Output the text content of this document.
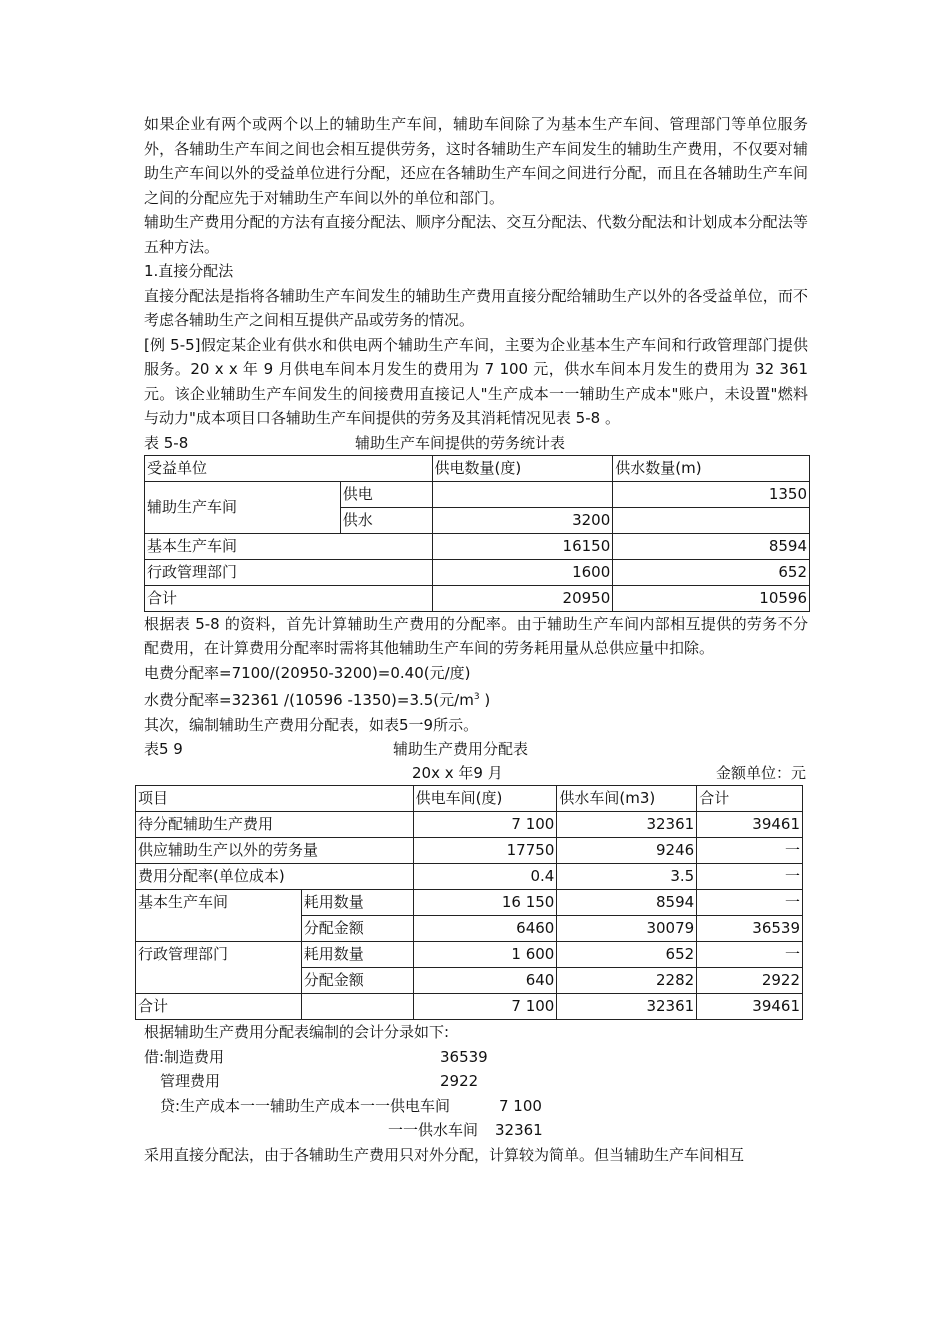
如果企业有两个或两个以上的辅助生产车间，辅助车间除了为基本生产车间、管理部门等单位服务外，各辅助生产车间之间也会相互提供劳务，这时各辅助生产车间发生的辅助生产费用，不仅要对辅助生产车间以外的受益单位进行分配，还应在各辅助生产车间之间进行分配，而且在各辅助生产车间之间的分配应先于对辅助生产车间以外的单位和部门。

辅助生产费用分配的方法有直接分配法、顺序分配法、交互分配法、代数分配法和计划成本分配法等五种方法。

1.直接分配法

直接分配法是指将各辅助生产车间发生的辅助生产费用直接分配给辅助生产以外的各受益单位，而不考虑各辅助生产之间相互提供产品或劳务的情况。

[例 5-5]假定某企业有供水和供电两个辅助生产车间，主要为企业基本生产车间和行政管理部门提供服务。20 x x 年 9 月供电车间本月发生的费用为 7 100 元，供水车间本月发生的费用为 32 361 元。该企业辅助生产车间发生的间接费用直接记人"生产成本一一辅助生产成本"账户，未设置"燃料与动力"成本项目口各辅助生产车间提供的劳务及其消耗情况见表 5-8 。

表 5-8	辅助生产车间提供的劳务统计表
受益单位		供电数量(度)	供水数量(m)
辅助生产车间	供电		1350
	供水	3200	
基本生产车间		16150	8594
行政管理部门		1600	652
合计		20950	10596

根据表 5-8 的资料，首先计算辅助生产费用的分配率。由于辅助生产车间内部相互提供的劳务不分配费用，在计算费用分配率时需将其他辅助生产车间的劳务耗用量从总供应量中扣除。

电费分配率=7100/(20950-3200)=0.40(元/度)

水费分配率=32361 /(10596 -1350)=3.5(元$/m^3$ )

其次，编制辅助生产费用分配表，如表5一9所示。

表5 9	辅助生产费用分配表
20x x 年9 月	金额单位：元
项目		供电车间(度)	供水车间(m3)	合计
待分配辅助生产费用		7 100	32361	39461
供应辅助生产以外的劳务量		17750	9246	一
费用分配率(单位成本)		0.4	3.5	一
基本生产车间	耗用数量	16 150	8594	一
	分配金额	6460	30079	36539
行政管理部门	耗用数量	1 600	652	一
	分配金额	640	2282	2922
合计		7 100	32361	39461

根据辅助生产费用分配表编制的会计分录如下:

借:制造费用	36539
管理费用	2922
贷:生产成本一一辅助生产成本一一供电车间	7 100
一一供水车间 32361

采用直接分配法，由于各辅助生产费用只对外分配，计算较为简单。但当辅助生产车间相互
